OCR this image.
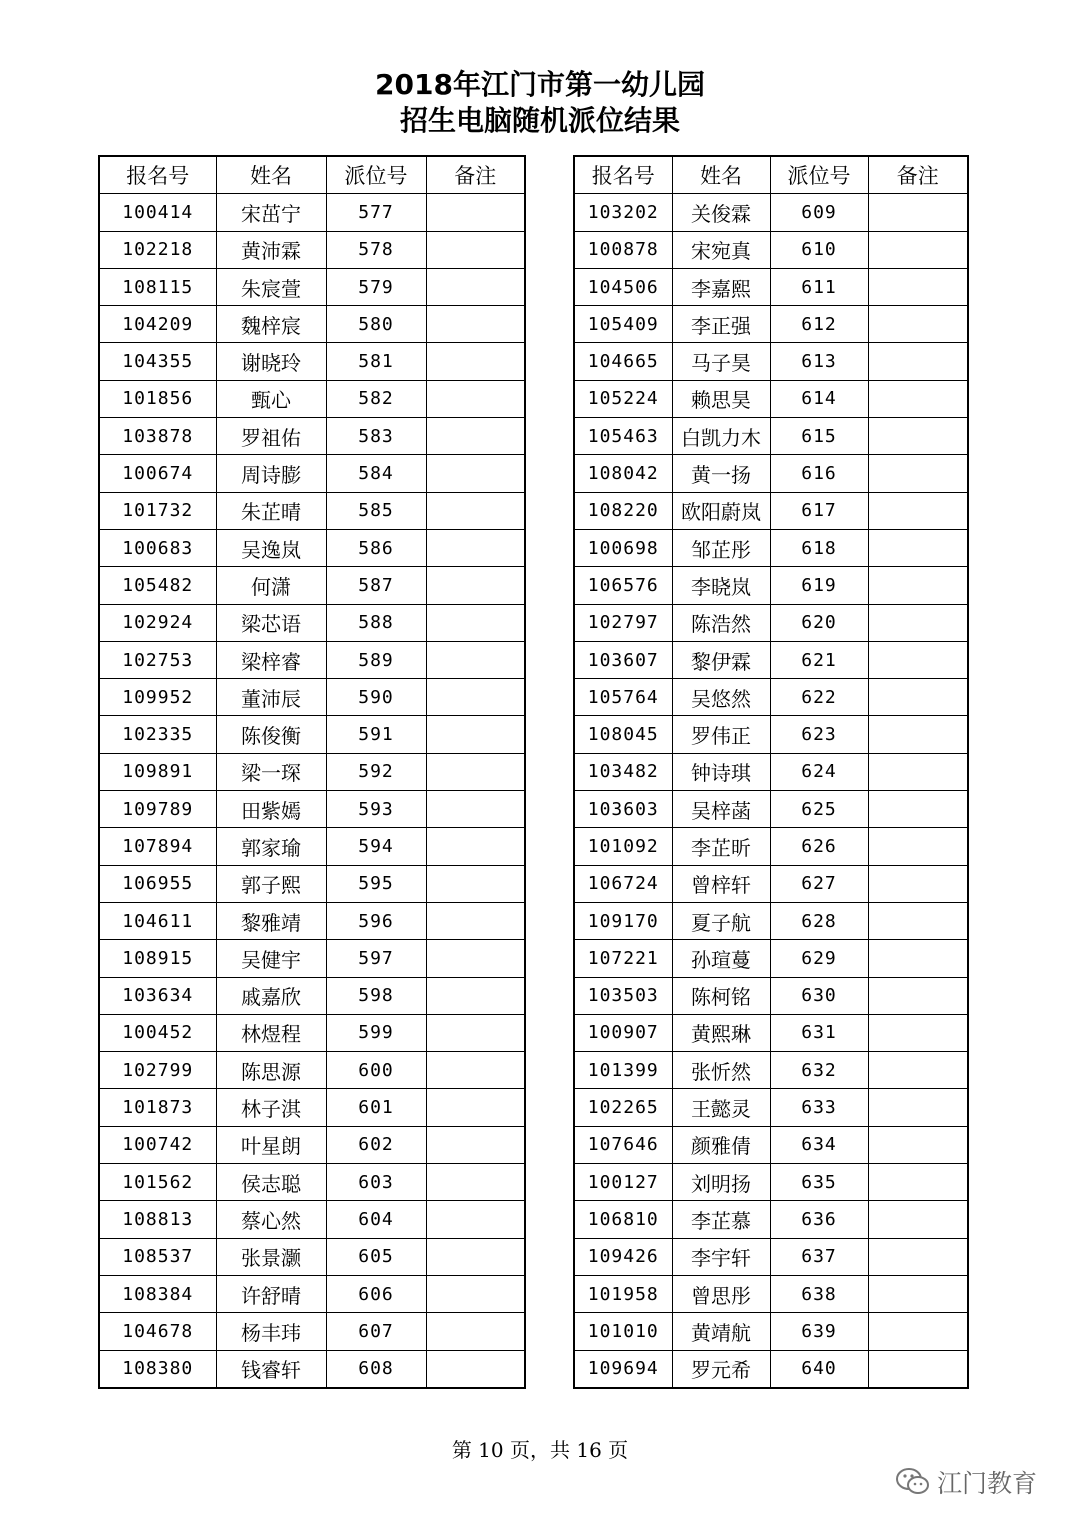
2018年江门市第一幼儿园
招生电脑随机派位结果
报名号	姓名	派位号	备注
100414	宋茁宁	577	
102218	黄沛霖	578	
108115	朱宸萱	579	
104209	魏梓宸	580	
104355	谢晓玲	581	
101856	甄心	582	
103878	罗祖佑	583	
100674	周诗膨	584	
101732	朱芷晴	585	
100683	吴逸岚	586	
105482	何潇	587	
102924	梁芯语	588	
102753	梁梓睿	589	
109952	董沛辰	590	
102335	陈俊衡	591	
109891	梁一琛	592	
109789	田紫嫣	593	
107894	郭家瑜	594	
106955	郭子熙	595	
104611	黎雅靖	596	
108915	吴健宇	597	
103634	戚嘉欣	598	
100452	林煜程	599	
102799	陈思源	600	
101873	林子淇	601	
100742	叶星朗	602	
101562	侯志聪	603	
108813	蔡心然	604	
108537	张景灏	605	
108384	许舒晴	606	
104678	杨丰玮	607	
108380	钱睿轩	608	
报名号	姓名	派位号	备注
103202	关俊霖	609	
100878	宋宛真	610	
104506	李嘉熙	611	
105409	李正强	612	
104665	马子昊	613	
105224	赖思昊	614	
105463	白凯力木	615	
108042	黄一扬	616	
108220	欧阳蔚岚	617	
100698	邹芷彤	618	
106576	李晓岚	619	
102797	陈浩然	620	
103607	黎伊霖	621	
105764	吴悠然	622	
108045	罗伟正	623	
103482	钟诗琪	624	
103603	吴梓菡	625	
101092	李芷昕	626	
106724	曾梓轩	627	
109170	夏子航	628	
107221	孙瑄蔓	629	
103503	陈柯铭	630	
100907	黄熙琳	631	
101399	张忻然	632	
102265	王懿灵	633	
107646	颜雅倩	634	
100127	刘明扬	635	
106810	李芷慕	636	
109426	李宇轩	637	
101958	曾思彤	638	
101010	黄靖航	639	
109694	罗元希	640	
第 10 页，共 16 页
江门教育
